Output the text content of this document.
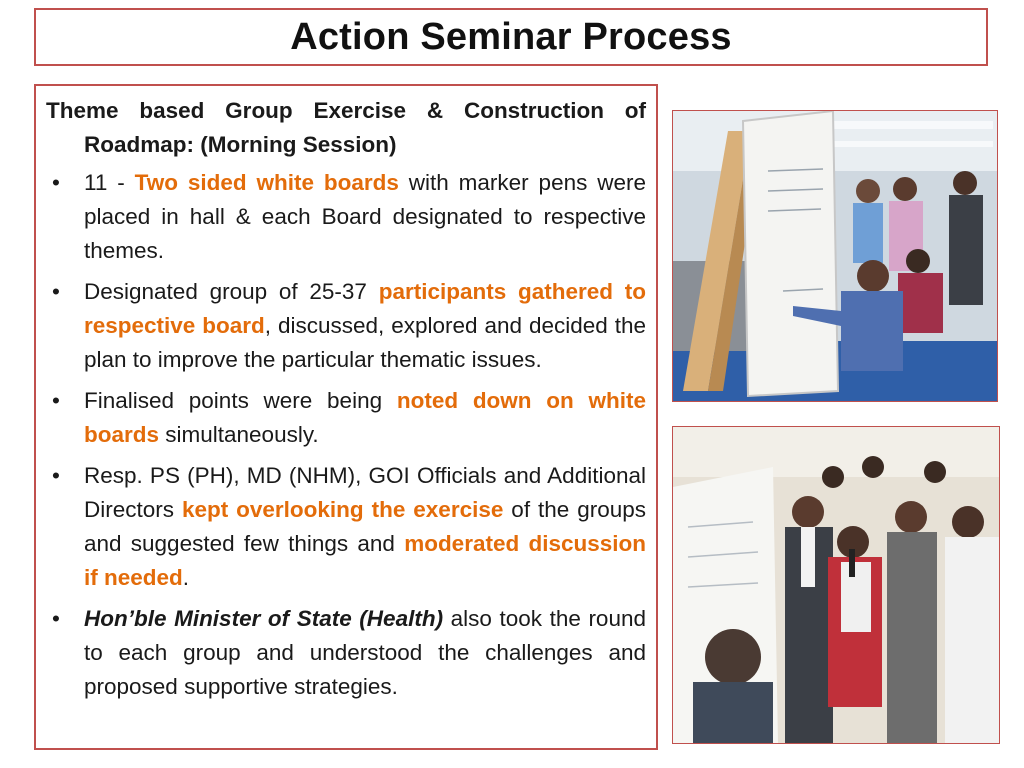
Action Seminar Process

Theme based Group Exercise & Construction of
Roadmap: (Morning Session)

• 11 - Two sided white boards with marker pens were placed in hall & each Board designated to respective themes.
• Designated group of 25-37 participants gathered to respective board, discussed, explored and decided the plan to improve the particular thematic issues.
• Finalised points were being noted down on white boards simultaneously.
• Resp. PS (PH), MD (NHM), GOI Officials and Additional Directors kept overlooking the exercise of the groups and suggested few things and moderated discussion if needed.
• Hon’ble Minister of State (Health) also took the round to each group and understood the challenges and proposed supportive strategies.
